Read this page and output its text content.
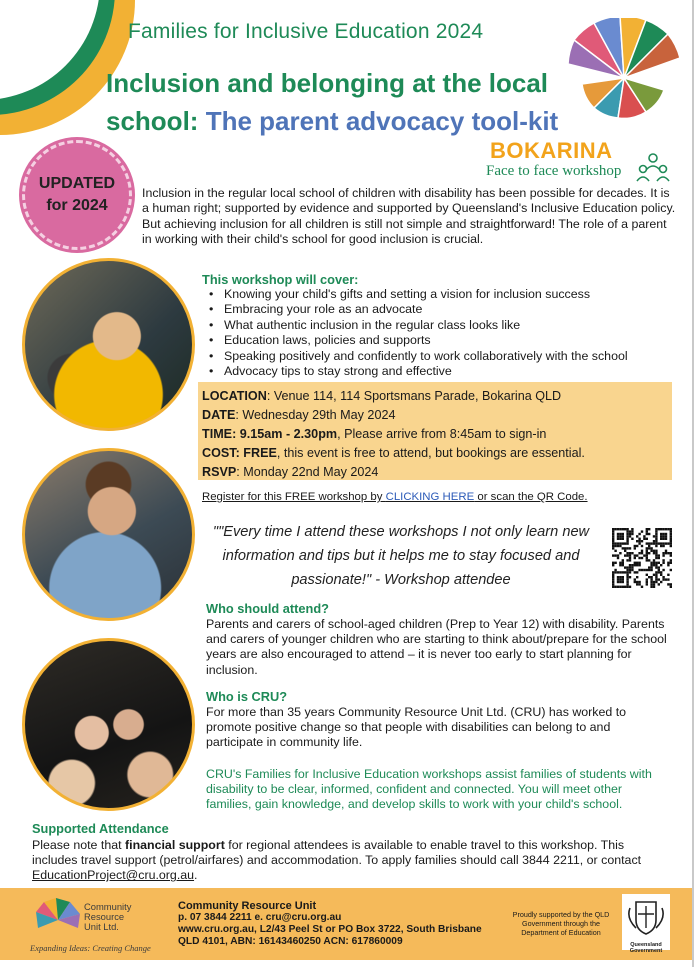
Families for Inclusive Education 2024
Inclusion and belonging at the local
school: The parent advocacy tool-kit
BOKARINA
Face to face workshop
UPDATED
for 2024
Inclusion in the regular local school of children with disability has been possible for decades. It is a human right; supported by evidence and supported by Queensland's Inclusive Education policy. But achieving inclusion for all children is still not simple and straightforward! The role of a parent in working with their child's school for good inclusion is crucial.
This workshop will cover:
• Knowing your child's gifts and setting a vision for inclusion success
• Embracing your role as an advocate
• What authentic inclusion in the regular class looks like
• Education laws, policies and supports
• Speaking positively and confidently to work collaboratively with the school
• Advocacy tips to stay strong and effective
LOCATION: Venue 114, 114 Sportsmans Parade, Bokarina QLD
DATE: Wednesday 29th May 2024
TIME: 9.15am - 2.30pm, Please arrive from 8:45am to sign-in
COST: FREE, this event is free to attend, but bookings are essential.
RSVP: Monday 22nd May 2024
Register for this FREE workshop by CLICKING HERE or scan the QR Code.
""Every time I attend these workshops I not only learn new information and tips but it helps me to stay focused and passionate!" - Workshop attendee
Who should attend?
Parents and carers of school-aged children (Prep to Year 12) with disability. Parents and carers of younger children who are starting to think about/prepare for the school years are also encouraged to attend – it is never too early to start planning for inclusion.
Who is CRU?
For more than 35 years Community Resource Unit Ltd. (CRU) has worked to promote positive change so that people with disabilities can belong to and participate in community life.
CRU's Families for Inclusive Education workshops assist families of students with disability to be clear, informed, confident and connected. You will meet other families, gain knowledge, and develop skills to work with your child's school.
Supported Attendance
Please note that financial support for regional attendees is available to enable travel to this workshop. This includes travel support (petrol/airfares) and accommodation. To apply families should call 3844 2211, or contact EducationProject@cru.org.au.
Community
Resource
Unit Ltd.
Expanding Ideas: Creating Change
Community Resource Unit
p. 07 3844 2211 e. cru@cru.org.au
www.cru.org.au, L2/43 Peel St or PO Box 3722, South Brisbane
QLD 4101, ABN: 16143460250 ACN: 617860009
Proudly supported by the QLD Government through the Department of Education
Queensland Government
